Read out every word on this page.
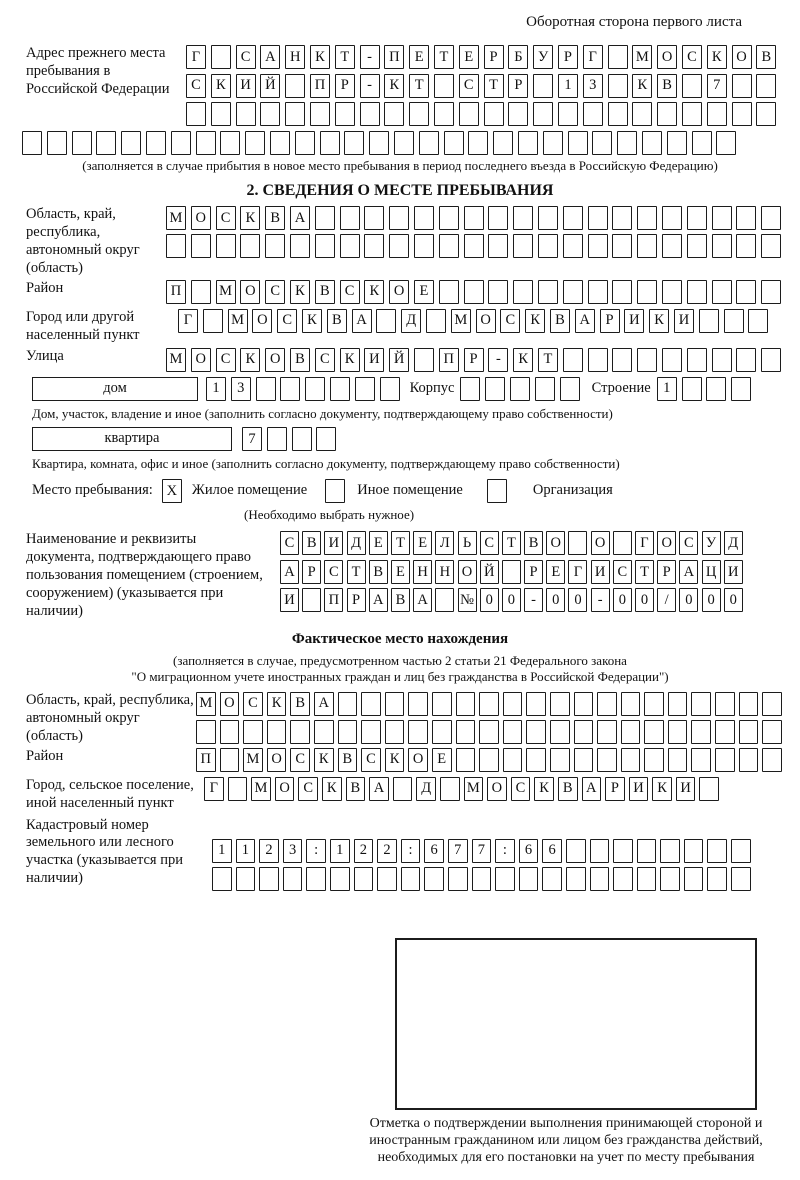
Оборотная сторона первого листа
Адрес прежнего места пребывания в Российской Федерации
Г	С	А Н	К	Т	-	П	Е	Т	Е	Р	Б	У	Р	Г	М О	С	К	О	В
С	К	И Й	П	Р	-	К	Т	С	Т	Р	1	3	К	В	7
(заполняется в случае прибытия в новое место пребывания в период последнего въезда в Российскую Федерацию)
2. СВЕДЕНИЯ О МЕСТЕ ПРЕБЫВАНИЯ
Область, край, республика, автономный округ (область)
М О	С	К	В	А
Район	П	М О	С	К	В	С	К	О	Е
Город или другой населенный пункт
Г	М О	С	К	В	А	Д	М О	С	К	В	А	Р	И	К	И
Улица	М О	С	К	О	В	С	К	И Й	П	Р	-	К	Т
дом	1	3	Корпус	Строение 1
Дом, участок, владение и иное (заполнить согласно документу, подтверждающему право собственности)
квартира	7
Квартира, комната, офис и иное (заполнить согласно документу, подтверждающему право собственности)
Место пребывания: X	Жилое помещение	Иное помещение	Организация
(Необходимо выбрать нужное)
Наименование и реквизиты документа, подтверждающего право пользования помещением (строением, сооружением) (указывается при наличии)
С В И Д Е Т Е Л Ь С Т В О О	Г О С У Д
А Р С Т В Е Н Н О Й	Р Е Г И С Т Р А Ц И
И П Р А В А № 0	0	-	0	0	-	0	0	/	0	0	0
Фактическое место нахождения
(заполняется в случае, предусмотренном частью 2 статьи 21 Федерального закона
"О миграционном учете иностранных граждан и лиц без гражданства в Российской Федерации")
Область, край, республика, автономный округ (область)
М О С К В А
Район	П	М О С К В С К О Е
Город, сельское поселение, иной населенный пункт
Г	М О С К В А	Д	М О С К В А Р И К И
Кадастровый номер земельного или лесного участка (указывается при наличии)
1	1	2	3	:	1	2	2	:	6	7	7	:	6	6
Отметка о подтверждении выполнения принимающей стороной и иностранным гражданином или лицом без гражданства действий, необходимых для его постановки на учет по месту пребывания
